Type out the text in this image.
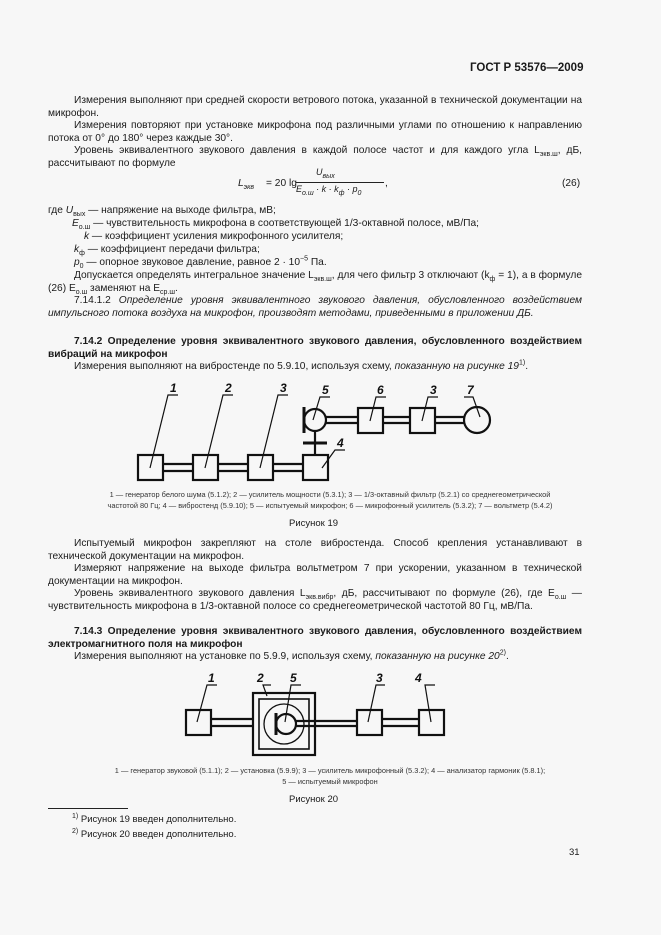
ГОСТ Р 53576—2009
Измерения выполняют при средней скорости ветрового потока, указанной в технической документации на микрофон.
Измерения повторяют при установке микрофона под различными углами по отношению к направлению потока от 0° до 180° через каждые 30°.
Уровень эквивалентного звукового давления в каждой полосе частот и для каждого угла $L_{экв.ш}$, дБ, рассчитывают по формуле
$L_{экв} = 20$ lg
$U_{вых}$
$E_{о.ш} \cdot k \cdot k_ф \cdot p_0$
,	(26)
где $U_{вых}$ — напряжение на выходе фильтра, мВ;
$E_{о.ш}$ — чувствительность микрофона в соответствующей 1/3-октавной полосе, мВ/Па;
k — коэффициент усиления микрофонного усилителя;
$k_ф$ — коэффициент передачи фильтра;
$p_0$ — опорное звуковое давление, равное $2 \cdot 10^{-5}$ Па.
Допускается определять интегральное значение $L_{экв.ш}$, для чего фильтр 3 отключают $(k_ф = 1)$, а в формуле (26) $E_{о.ш}$ заменяют на $E_{ср.ш}$.
7.14.1.2 Определение уровня эквивалентного звукового давления, обусловленного воздействием импульсного потока воздуха на микрофон, производят методами, приведенными в приложении ДБ.
7.14.2 Определение уровня эквивалентного звукового давления, обусловленного воздействием вибраций на микрофон
Измерения выполняют на вибростенде по 5.9.10, используя схему, показанную на рисунке 19$^{1)}$.
1	2	3	5	6	3	7
4
1 — генератор белого шума (5.1.2); 2 — усилитель мощности (5.3.1); 3 — 1/3-октавный фильтр (5.2.1) со среднегеометрической
частотой 80 Гц; 4 — вибростенд (5.9.10); 5 — испытуемый микрофон; 6 — микрофонный усилитель (5.3.2); 7 — вольтметр (5.4.2)
Рисунок 19
Испытуемый микрофон закрепляют на столе вибростенда. Способ крепления устанавливают в технической документации на микрофон.
Измеряют напряжение на выходе фильтра вольтметром 7 при ускорении, указанном в технической документации на микрофон.
Уровень эквивалентного звукового давления $L_{экв.вибр}$, дБ, рассчитывают по формуле (26), где $E_{о.ш}$ — чувствительность микрофона в 1/3-октавной полосе со среднегеометрической частотой 80 Гц, мВ/Па.
7.14.3 Определение уровня эквивалентного звукового давления, обусловленного воздействием электромагнитного поля на микрофон
Измерения выполняют на установке по 5.9.9, используя схему, показанную на рисунке 20$^{2)}$.
1	2 5	3	4
1 — генератор звуковой (5.1.1); 2 — установка (5.9.9); 3 — усилитель микрофонный (5.3.2); 4 — анализатор гармоник (5.8.1);
5 — испытуемый микрофон
Рисунок 20
$^{1)}$ Рисунок 19 введен дополнительно.
$^{2)}$ Рисунок 20 введен дополнительно.
31
